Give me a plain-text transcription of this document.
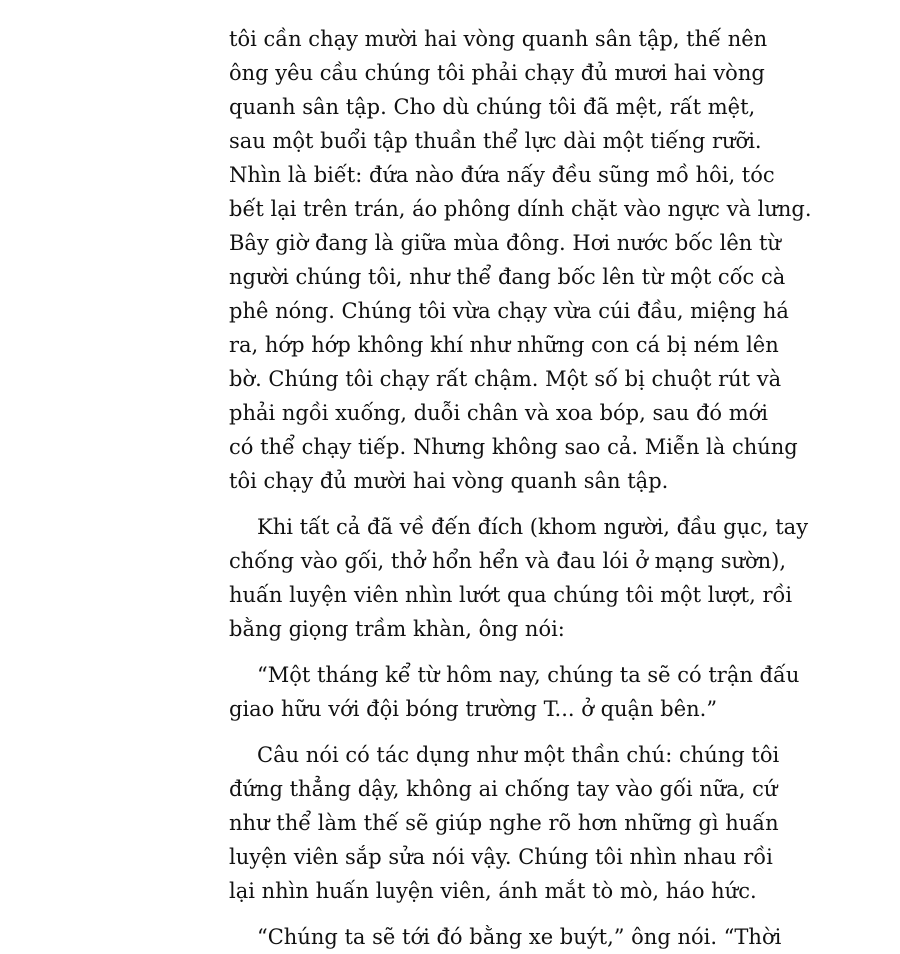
tôi cần chạy mười hai vòng quanh sân tập, thế nên
ông yêu cầu chúng tôi phải chạy đủ mươi hai vòng
quanh sân tập. Cho dù chúng tôi đã mệt, rất mệt,
sau một buổi tập thuần thể lực dài một tiếng rưỡi.
Nhìn là biết: đứa nào đứa nấy đều sũng mồ hôi, tóc
bết lại trên trán, áo phông dính chặt vào ngực và lưng.
Bây giờ đang là giữa mùa đông. Hơi nước bốc lên từ
người chúng tôi, như thể đang bốc lên từ một cốc cà
phê nóng. Chúng tôi vừa chạy vừa cúi đầu, miệng há
ra, hớp hớp không khí như những con cá bị ném lên
bờ. Chúng tôi chạy rất chậm. Một số bị chuột rút và
phải ngồi xuống, duỗi chân và xoa bóp, sau đó mới
có thể chạy tiếp. Nhưng không sao cả. Miễn là chúng
tôi chạy đủ mười hai vòng quanh sân tập.
Khi tất cả đã về đến đích (khom người, đầu gục, tay
chống vào gối, thở hổn hển và đau lói ở mạng sườn),
huấn luyện viên nhìn lướt qua chúng tôi một lượt, rồi
bằng giọng trầm khàn, ông nói:
“Một tháng kể từ hôm nay, chúng ta sẽ có trận đấu
giao hữu với đội bóng trường T... ở quận bên.”
Câu nói có tác dụng như một thần chú: chúng tôi
đứng thẳng dậy, không ai chống tay vào gối nữa, cứ
như thể làm thế sẽ giúp nghe rõ hơn những gì huấn
luyện viên sắp sửa nói vậy. Chúng tôi nhìn nhau rồi
lại nhìn huấn luyện viên, ánh mắt tò mò, háo hức.
“Chúng ta sẽ tới đó bằng xe buýt,” ông nói. “Thời
